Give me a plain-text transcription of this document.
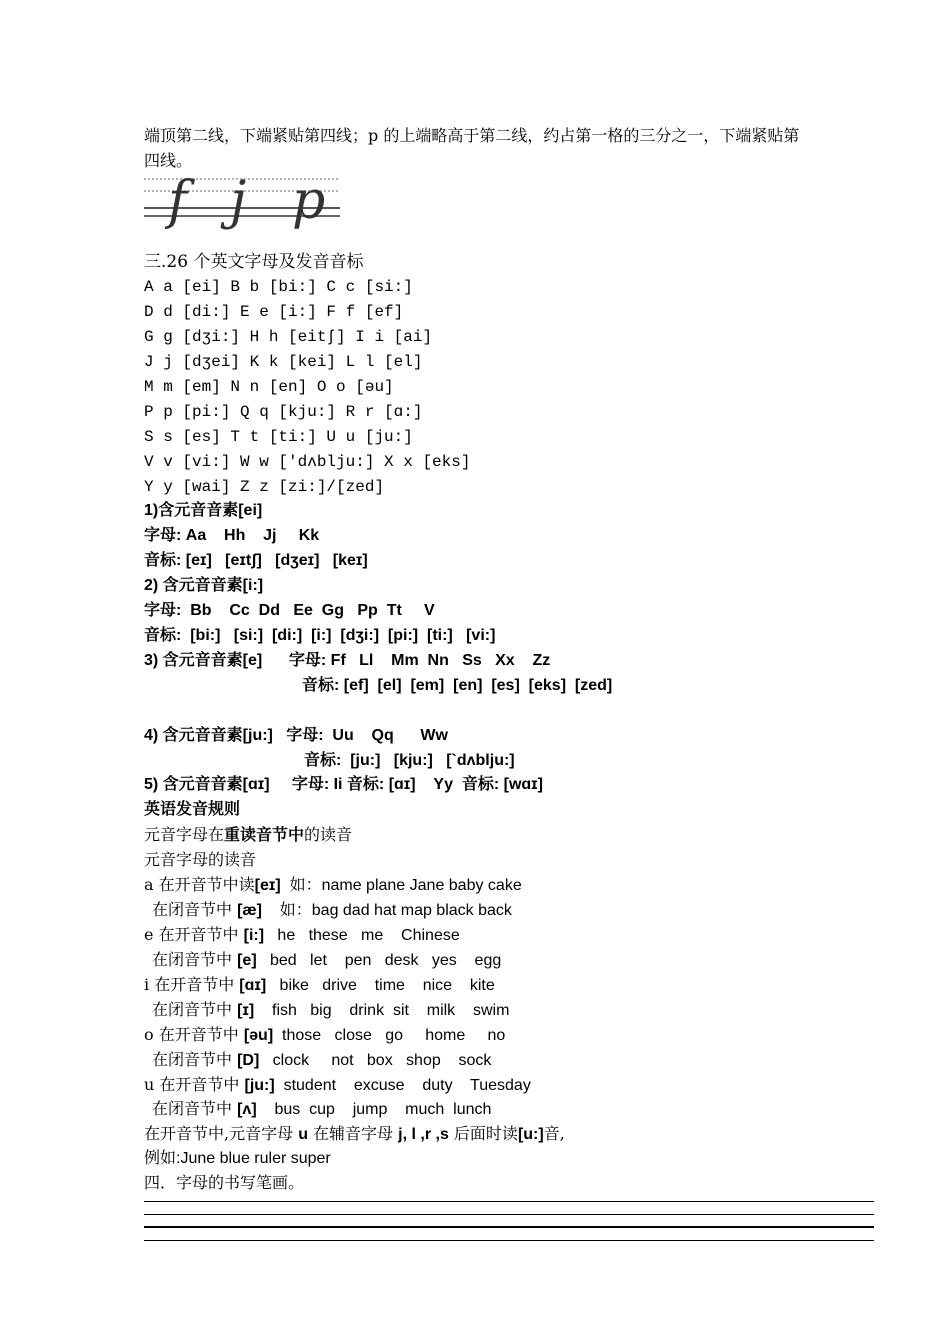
端顶第二线，下端紧贴第四线；p 的上端略高于第二线，约占第一格的三分之一，下端紧贴第
四线。
f j p
三.26 个英文字母及发音音标
A a [ei] B b [bi:] C c [si:]
D d [di:] E e [i:] F f [ef]
G g [dʒi:] H h [eitʃ] I i [ai]
J j [dʒei] K k [kei] L l [el]
M m [em] N n [en] O o [əu]
P p [pi:] Q q [kju:] R r [ɑ:]
S s [es] T t [ti:] U u [ju:]
V v [vi:] W w [′dʌblju:] X x [eks]
Y y [wai] Z z [zi:]/[zed]
1)含元音音素[ei]
字母: Aa    Hh    Jj     Kk
音标: [eɪ]   [eɪtʃ]   [dʒeɪ]   [keɪ]
2) 含元音音素[i:]
字母:  Bb    Cc  Dd   Ee  Gg   Pp  Tt     V
音标:  [bi:]   [si:]  [di:]  [i:]  [dʒi:]  [pi:]  [ti:]   [vi:]
3) 含元音音素[e]      字母: Ff   Ll    Mm  Nn   Ss   Xx    Zz
音标: [ef]  [el]  [em]  [en]  [es]  [eks]  [zed]
4) 含元音音素[ju:]   字母:  Uu    Qq      Ww
音标:  [ju:]   [kju:]   [`dʌblju:]
5) 含元音音素[ɑɪ]     字母: Ii 音标: [ɑɪ]    Yy  音标: [wɑɪ]
英语发音规则
元音字母在重读音节中的读音
元音字母的读音
a 在开音节中读[eɪ]  如：name plane Jane baby cake
在闭音节中 [æ]    如：bag dad hat map black back
e 在开音节中 [i:]   he   these   me    Chinese
在闭音节中 [e]   bed   let    pen   desk   yes    egg
i 在开音节中 [ɑɪ]   bike   drive    time    nice    kite
在闭音节中 [ɪ]    fish   big    drink  sit    milk    swim
o 在开音节中 [əu]  those   close   go     home     no
在闭音节中 [D]   clock     not   box   shop    sock
u 在开音节中 [ju:]  student    excuse    duty    Tuesday
在闭音节中 [ʌ]    bus  cup    jump    much  lunch
在开音节中,元音字母 u 在辅音字母 j, l ,r ,s 后面时读[u:]音,
例如:June blue ruler super
四．字母的书写笔画。
